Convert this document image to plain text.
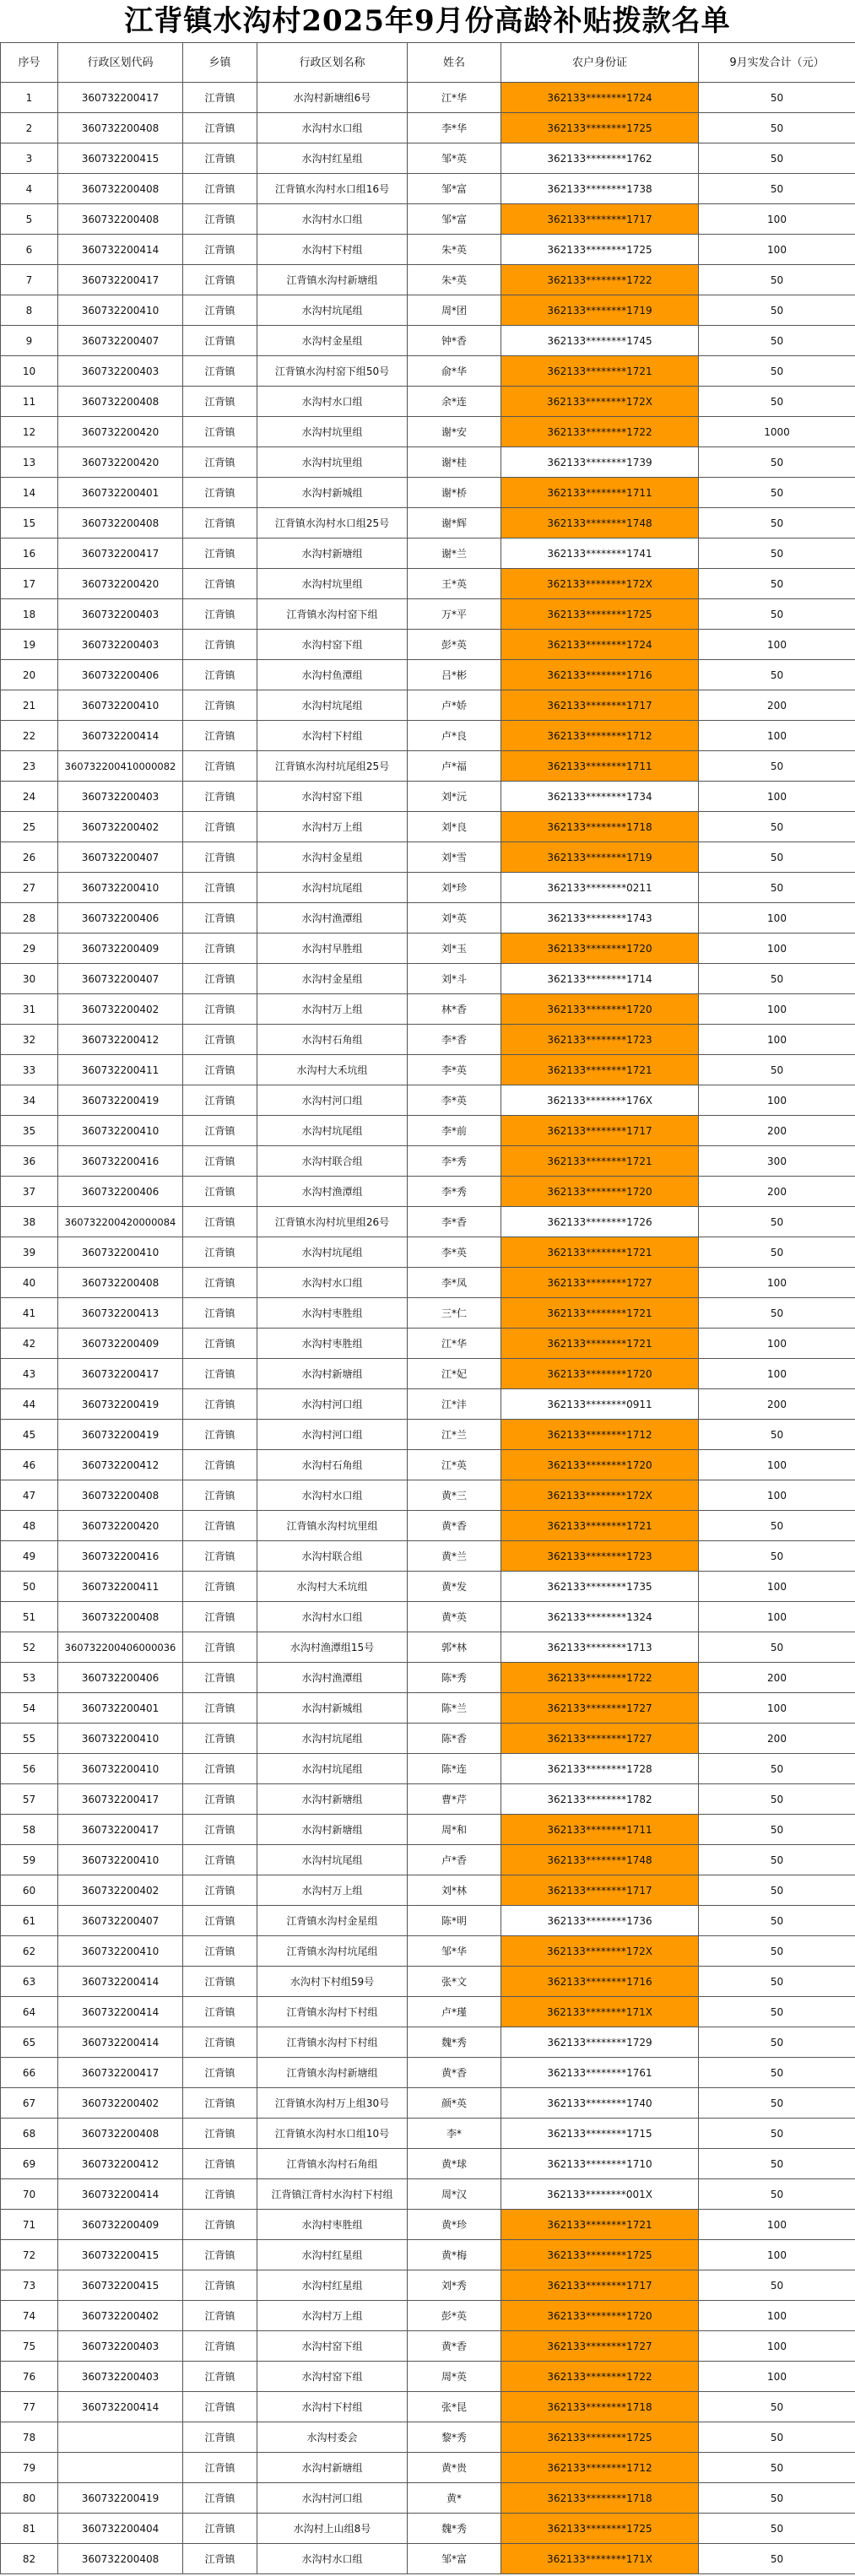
江背镇水沟村2025年9月份高龄补贴拨款名单
序号	行政区划代码	乡镇	行政区划名称	姓名	农户身份证	9月实发合计（元）
1	360732200417	江背镇	水沟村新塘组6号	江*华	362133********1724	50
2	360732200408	江背镇	水沟村水口组	李*华	362133********1725	50
3	360732200415	江背镇	水沟村红星组	邹*英	362133********1762	50
4	360732200408	江背镇	江背镇水沟村水口组16号	邹*富	362133********1738	50
5	360732200408	江背镇	水沟村水口组	邹*富	362133********1717	100
6	360732200414	江背镇	水沟村下村组	朱*英	362133********1725	100
7	360732200417	江背镇	江背镇水沟村新塘组	朱*英	362133********1722	50
8	360732200410	江背镇	水沟村坑尾组	周*团	362133********1719	50
9	360732200407	江背镇	水沟村金星组	钟*香	362133********1745	50
10	360732200403	江背镇	江背镇水沟村窑下组50号	俞*华	362133********1721	50
11	360732200408	江背镇	水沟村水口组	余*连	362133********172X	50
12	360732200420	江背镇	水沟村坑里组	谢*安	362133********1722	1000
13	360732200420	江背镇	水沟村坑里组	谢*桂	362133********1739	50
14	360732200401	江背镇	水沟村新城组	谢*桥	362133********1711	50
15	360732200408	江背镇	江背镇水沟村水口组25号	谢*辉	362133********1748	50
16	360732200417	江背镇	水沟村新塘组	谢*兰	362133********1741	50
17	360732200420	江背镇	水沟村坑里组	王*英	362133********172X	50
18	360732200403	江背镇	江背镇水沟村窑下组	万*平	362133********1725	50
19	360732200403	江背镇	水沟村窑下组	彭*英	362133********1724	100
20	360732200406	江背镇	水沟村鱼潭组	吕*彬	362133********1716	50
21	360732200410	江背镇	水沟村坑尾组	卢*娇	362133********1717	200
22	360732200414	江背镇	水沟村下村组	卢*良	362133********1712	100
23	360732200410000082	江背镇	江背镇水沟村坑尾组25号	卢*福	362133********1711	50
24	360732200403	江背镇	水沟村窑下组	刘*沅	362133********1734	100
25	360732200402	江背镇	水沟村万上组	刘*良	362133********1718	50
26	360732200407	江背镇	水沟村金星组	刘*雪	362133********1719	50
27	360732200410	江背镇	水沟村坑尾组	刘*珍	362133********0211	50
28	360732200406	江背镇	水沟村渔潭组	刘*英	362133********1743	100
29	360732200409	江背镇	水沟村早胜组	刘*玉	362133********1720	100
30	360732200407	江背镇	水沟村金星组	刘*斗	362133********1714	50
31	360732200402	江背镇	水沟村万上组	林*香	362133********1720	100
32	360732200412	江背镇	水沟村石角组	李*香	362133********1723	100
33	360732200411	江背镇	水沟村大禾坑组	李*英	362133********1721	50
34	360732200419	江背镇	水沟村河口组	李*英	362133********176X	100
35	360732200410	江背镇	水沟村坑尾组	李*前	362133********1717	200
36	360732200416	江背镇	水沟村联合组	李*秀	362133********1721	300
37	360732200406	江背镇	水沟村渔潭组	李*秀	362133********1720	200
38	360732200420000084	江背镇	江背镇水沟村坑里组26号	李*香	362133********1726	50
39	360732200410	江背镇	水沟村坑尾组	李*英	362133********1721	50
40	360732200408	江背镇	水沟村水口组	李*凤	362133********1727	100
41	360732200413	江背镇	水沟村枣胜组	三*仁	362133********1721	50
42	360732200409	江背镇	水沟村枣胜组	江*华	362133********1721	100
43	360732200417	江背镇	水沟村新塘组	江*妃	362133********1720	100
44	360732200419	江背镇	水沟村河口组	江*沣	362133********0911	200
45	360732200419	江背镇	水沟村河口组	江*兰	362133********1712	50
46	360732200412	江背镇	水沟村石角组	江*英	362133********1720	100
47	360732200408	江背镇	水沟村水口组	黄*三	362133********172X	100
48	360732200420	江背镇	江背镇水沟村坑里组	黄*香	362133********1721	50
49	360732200416	江背镇	水沟村联合组	黄*兰	362133********1723	50
50	360732200411	江背镇	水沟村大禾坑组	黄*发	362133********1735	100
51	360732200408	江背镇	水沟村水口组	黄*英	362133********1324	100
52	360732200406000036	江背镇	水沟村渔潭组15号	郭*林	362133********1713	50
53	360732200406	江背镇	水沟村渔潭组	陈*秀	362133********1722	200
54	360732200401	江背镇	水沟村新城组	陈*兰	362133********1727	100
55	360732200410	江背镇	水沟村坑尾组	陈*香	362133********1727	200
56	360732200410	江背镇	水沟村坑尾组	陈*连	362133********1728	50
57	360732200417	江背镇	水沟村新塘组	曹*芹	362133********1782	50
58	360732200417	江背镇	水沟村新塘组	周*和	362133********1711	50
59	360732200410	江背镇	水沟村坑尾组	卢*香	362133********1748	50
60	360732200402	江背镇	水沟村万上组	刘*林	362133********1717	50
61	360732200407	江背镇	江背镇水沟村金星组	陈*明	362133********1736	50
62	360732200410	江背镇	江背镇水沟村坑尾组	邹*华	362133********172X	50
63	360732200414	江背镇	水沟村下村组59号	张*文	362133********1716	50
64	360732200414	江背镇	江背镇水沟村下村组	卢*瑾	362133********171X	50
65	360732200414	江背镇	江背镇水沟村下村组	魏*秀	362133********1729	50
66	360732200417	江背镇	江背镇水沟村新塘组	黄*香	362133********1761	50
67	360732200402	江背镇	江背镇水沟村万上组30号	颜*英	362133********1740	50
68	360732200408	江背镇	江背镇水沟村水口组10号	李*	362133********1715	50
69	360732200412	江背镇	江背镇水沟村石角组	黄*球	362133********1710	50
70	360732200414	江背镇	江背镇江背村水沟村下村组	周*汉	362133********001X	50
71	360732200409	江背镇	水沟村枣胜组	黄*珍	362133********1721	100
72	360732200415	江背镇	水沟村红星组	黄*梅	362133********1725	100
73	360732200415	江背镇	水沟村红星组	刘*秀	362133********1717	50
74	360732200402	江背镇	水沟村万上组	彭*英	362133********1720	100
75	360732200403	江背镇	水沟村窑下组	黄*香	362133********1727	100
76	360732200403	江背镇	水沟村窑下组	周*英	362133********1722	100
77	360732200414	江背镇	水沟村下村组	张*昆	362133********1718	50
78		江背镇	水沟村委会	黎*秀	362133********1725	50
79		江背镇	水沟村新塘组	黄*贵	362133********1712	50
80	360732200419	江背镇	水沟村河口组	黄*	362133********1718	50
81	360732200404	江背镇	水沟村上山组8号	魏*秀	362133********1725	50
82	360732200408	江背镇	水沟村水口组	邹*富	362133********171X	50
